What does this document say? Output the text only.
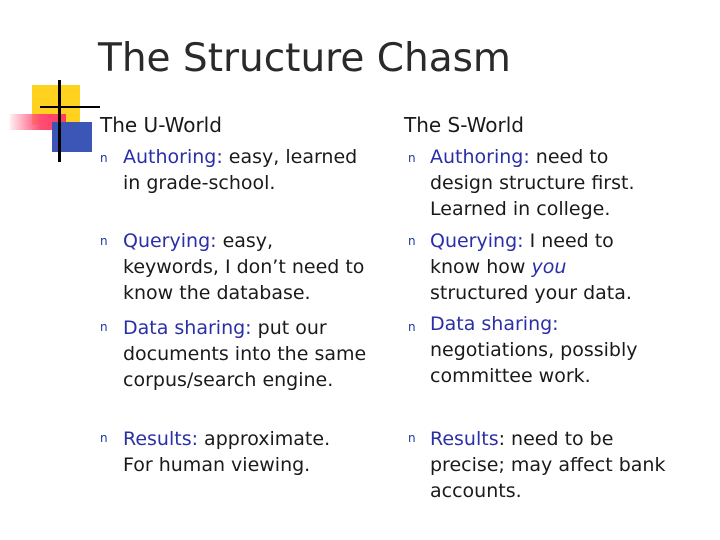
The Structure Chasm
The U-World
n Authoring: easy, learned
in grade-school.
n Querying: easy,
keywords, I don’t need to know the database.
n Data sharing: put our
documents into the same corpus/search engine.
n Results: approximate.
For human viewing.
The S-World
n Authoring: need to
design structure first. Learned in college.
n Querying: I need to
know how you structured your data.
n Data sharing:
negotiations, possibly committee work.
n Results: need to be
precise; may affect bank accounts.
